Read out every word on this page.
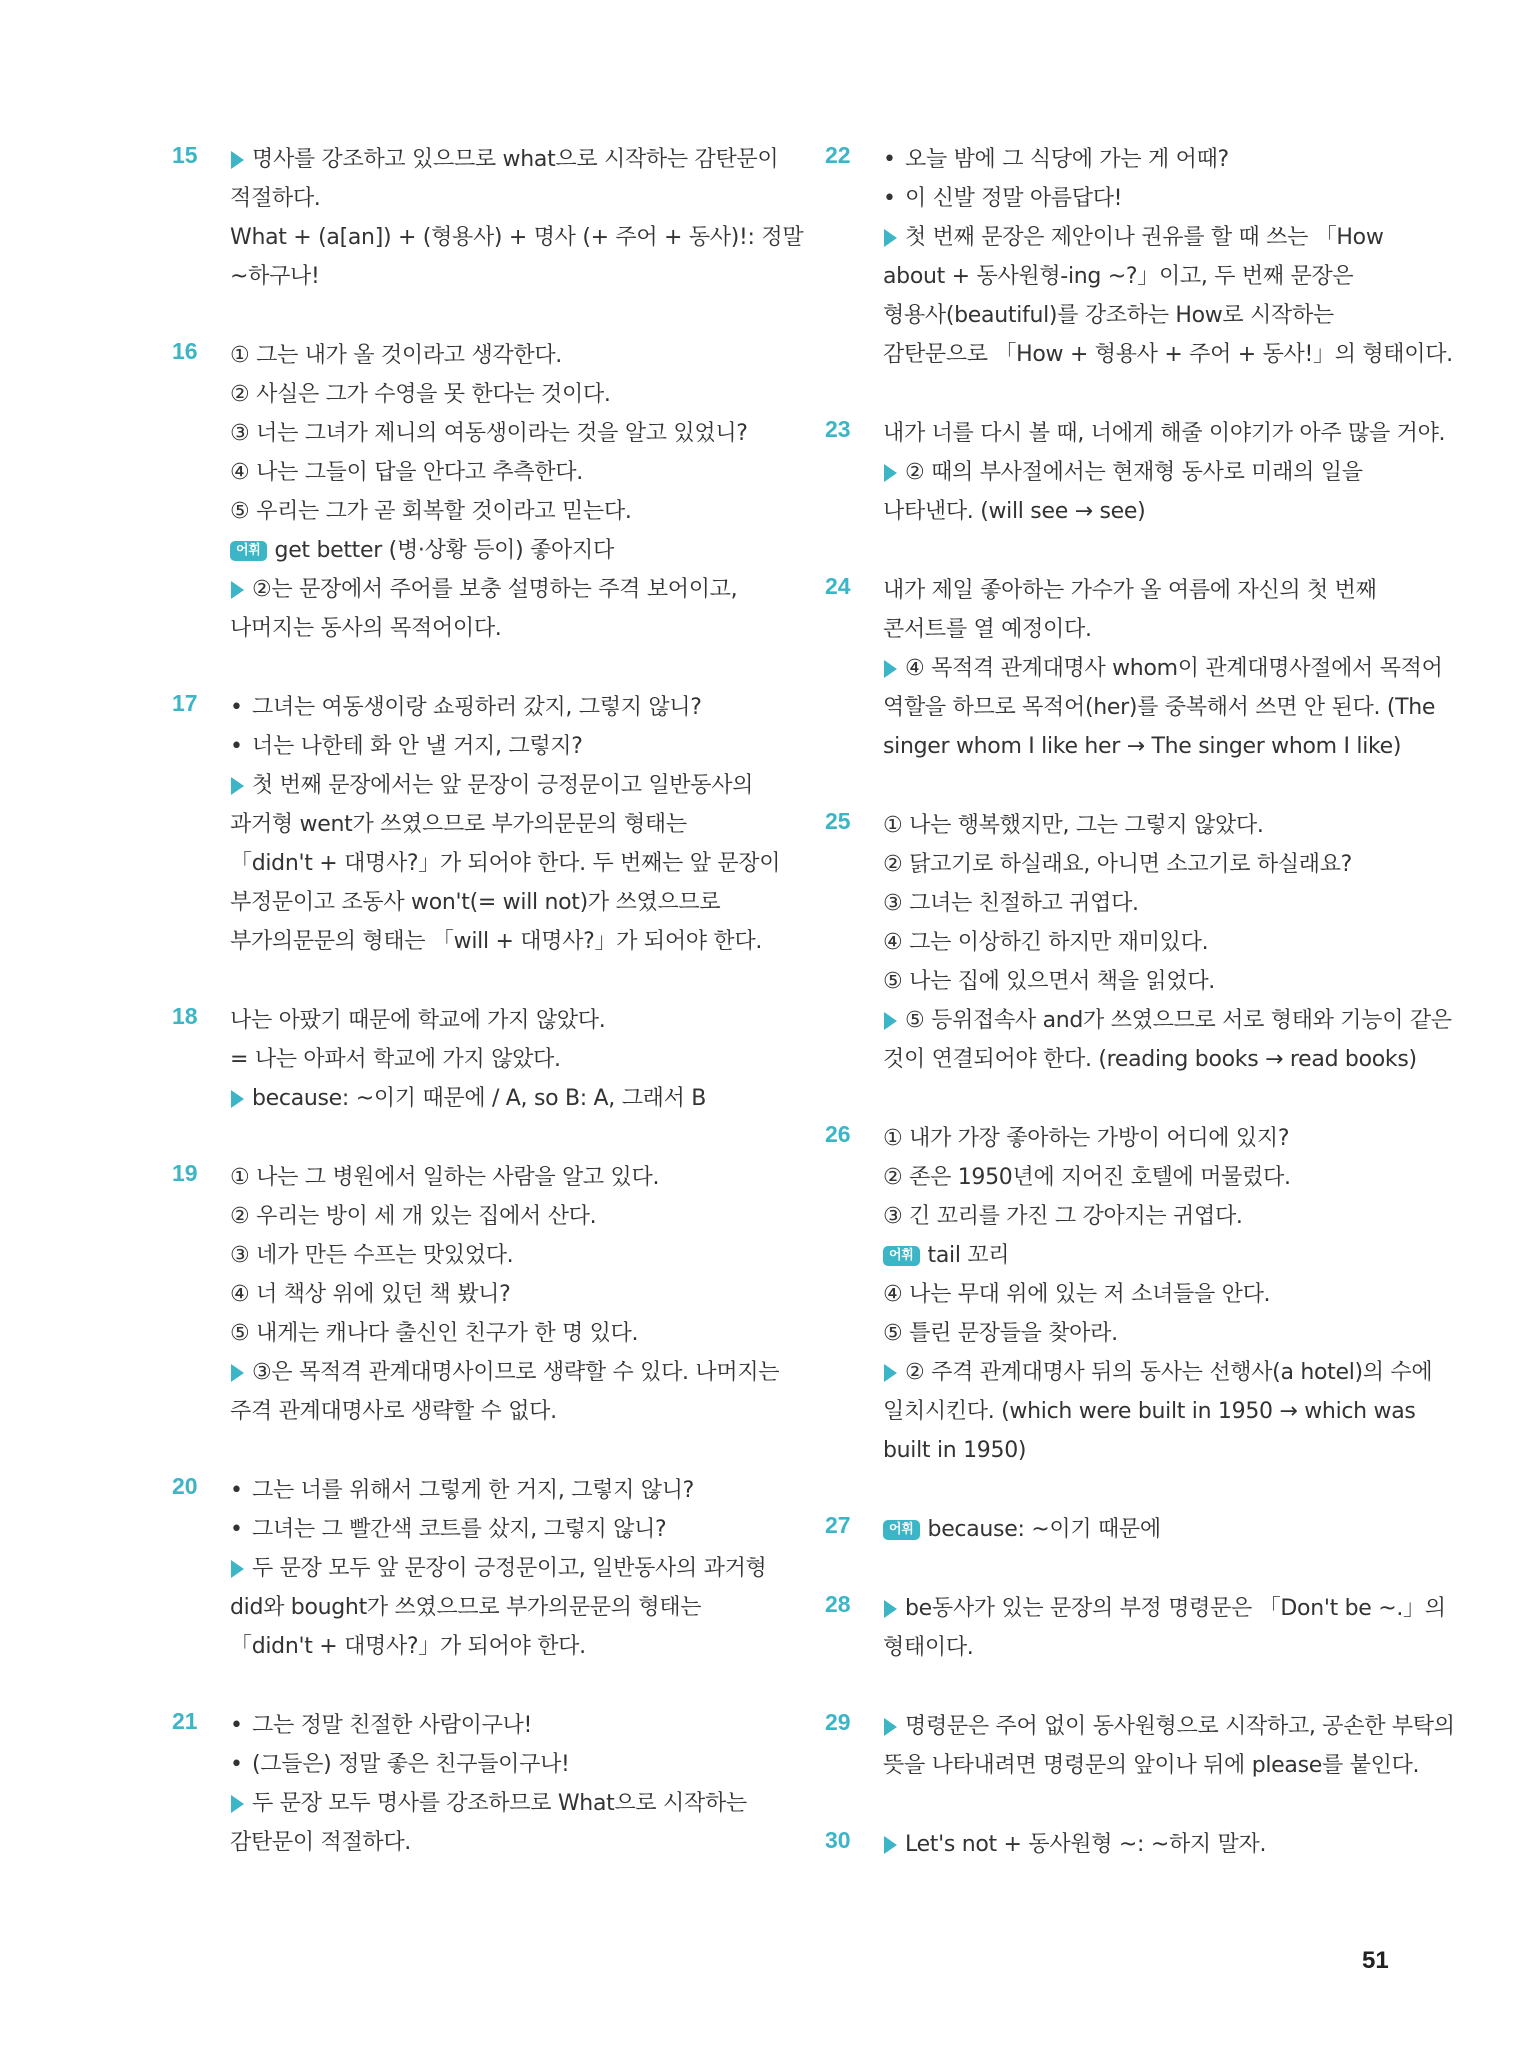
15	명사를 강조하고 있으므로 what으로 시작하는 감탄문이
적절하다.
What + (a[an]) + (형용사) + 명사 (+ 주어 + 동사)!: 정말
~하구나!
16 ① 그는 내가 올 것이라고 생각한다.
② 사실은 그가 수영을 못 한다는 것이다.
③ 너는 그녀가 제니의 여동생이라는 것을 알고 있었니?
④ 나는 그들이 답을 안다고 추측한다.
⑤ 우리는 그가 곧 회복할 것이라고 믿는다.
어휘 get better (병·상황 등이) 좋아지다
②는 문장에서 주어를 보충 설명하는 주격 보어이고,
나머지는 동사의 목적어이다.
17	• 그녀는 여동생이랑 쇼핑하러 갔지, 그렇지 않니?
• 너는 나한테 화 안 낼 거지, 그렇지?
첫 번째 문장에서는 앞 문장이 긍정문이고 일반동사의
과거형 went가 쓰였으므로 부가의문문의 형태는
「didn't + 대명사?」가 되어야 한다. 두 번째는 앞 문장이
부정문이고 조동사 won't(= will not)가 쓰였으므로
부가의문문의 형태는 「will + 대명사?」가 되어야 한다.
18 나는 아팠기 때문에 학교에 가지 않았다.
= 나는 아파서 학교에 가지 않았다.
because: ~이기 때문에 / A, so B: A, 그래서 B
19 ① 나는 그 병원에서 일하는 사람을 알고 있다.
② 우리는 방이 세 개 있는 집에서 산다.
③ 네가 만든 수프는 맛있었다.
④ 너 책상 위에 있던 책 봤니?
⑤ 내게는 캐나다 출신인 친구가 한 명 있다.
③은 목적격 관계대명사이므로 생략할 수 있다. 나머지는
주격 관계대명사로 생략할 수 없다.
20	• 그는 너를 위해서 그렇게 한 거지, 그렇지 않니?
• 그녀는 그 빨간색 코트를 샀지, 그렇지 않니?
두 문장 모두 앞 문장이 긍정문이고, 일반동사의 과거형
did와 bought가 쓰였으므로 부가의문문의 형태는
「didn't + 대명사?」가 되어야 한다.
21	• 그는 정말 친절한 사람이구나!
• (그들은) 정말 좋은 친구들이구나!
두 문장 모두 명사를 강조하므로 What으로 시작하는
감탄문이 적절하다.
22	• 오늘 밤에 그 식당에 가는 게 어때?
• 이 신발 정말 아름답다!
첫 번째 문장은 제안이나 권유를 할 때 쓰는 「How
about + 동사원형-ing ~?」이고, 두 번째 문장은
형용사(beautiful)를 강조하는 How로 시작하는
감탄문으로 「How + 형용사 + 주어 + 동사!」의 형태이다.
23 내가 너를 다시 볼 때, 너에게 해줄 이야기가 아주 많을 거야.
② 때의 부사절에서는 현재형 동사로 미래의 일을
나타낸다. (will see → see)
24 내가 제일 좋아하는 가수가 올 여름에 자신의 첫 번째
콘서트를 열 예정이다.
④ 목적격 관계대명사 whom이 관계대명사절에서 목적어
역할을 하므로 목적어(her)를 중복해서 쓰면 안 된다. (The
singer whom I like her → The singer whom I like)
25 ① 나는 행복했지만, 그는 그렇지 않았다.
② 닭고기로 하실래요, 아니면 소고기로 하실래요?
③ 그녀는 친절하고 귀엽다.
④ 그는 이상하긴 하지만 재미있다.
⑤ 나는 집에 있으면서 책을 읽었다.
⑤ 등위접속사 and가 쓰였으므로 서로 형태와 기능이 같은
것이 연결되어야 한다. (reading books → read books)
26 ① 내가 가장 좋아하는 가방이 어디에 있지?
② 존은 1950년에 지어진 호텔에 머물렀다.
③ 긴 꼬리를 가진 그 강아지는 귀엽다.
어휘 tail 꼬리
④ 나는 무대 위에 있는 저 소녀들을 안다.
⑤ 틀린 문장들을 찾아라.
② 주격 관계대명사 뒤의 동사는 선행사(a hotel)의 수에
일치시킨다. (which were built in 1950 → which was
built in 1950)
27	어휘 because: ~이기 때문에
28	be동사가 있는 문장의 부정 명령문은 「Don't be ~.」의
형태이다.
29	명령문은 주어 없이 동사원형으로 시작하고, 공손한 부탁의
뜻을 나타내려면 명령문의 앞이나 뒤에 please를 붙인다.
30	Let's not + 동사원형 ~: ~하지 말자.
51
